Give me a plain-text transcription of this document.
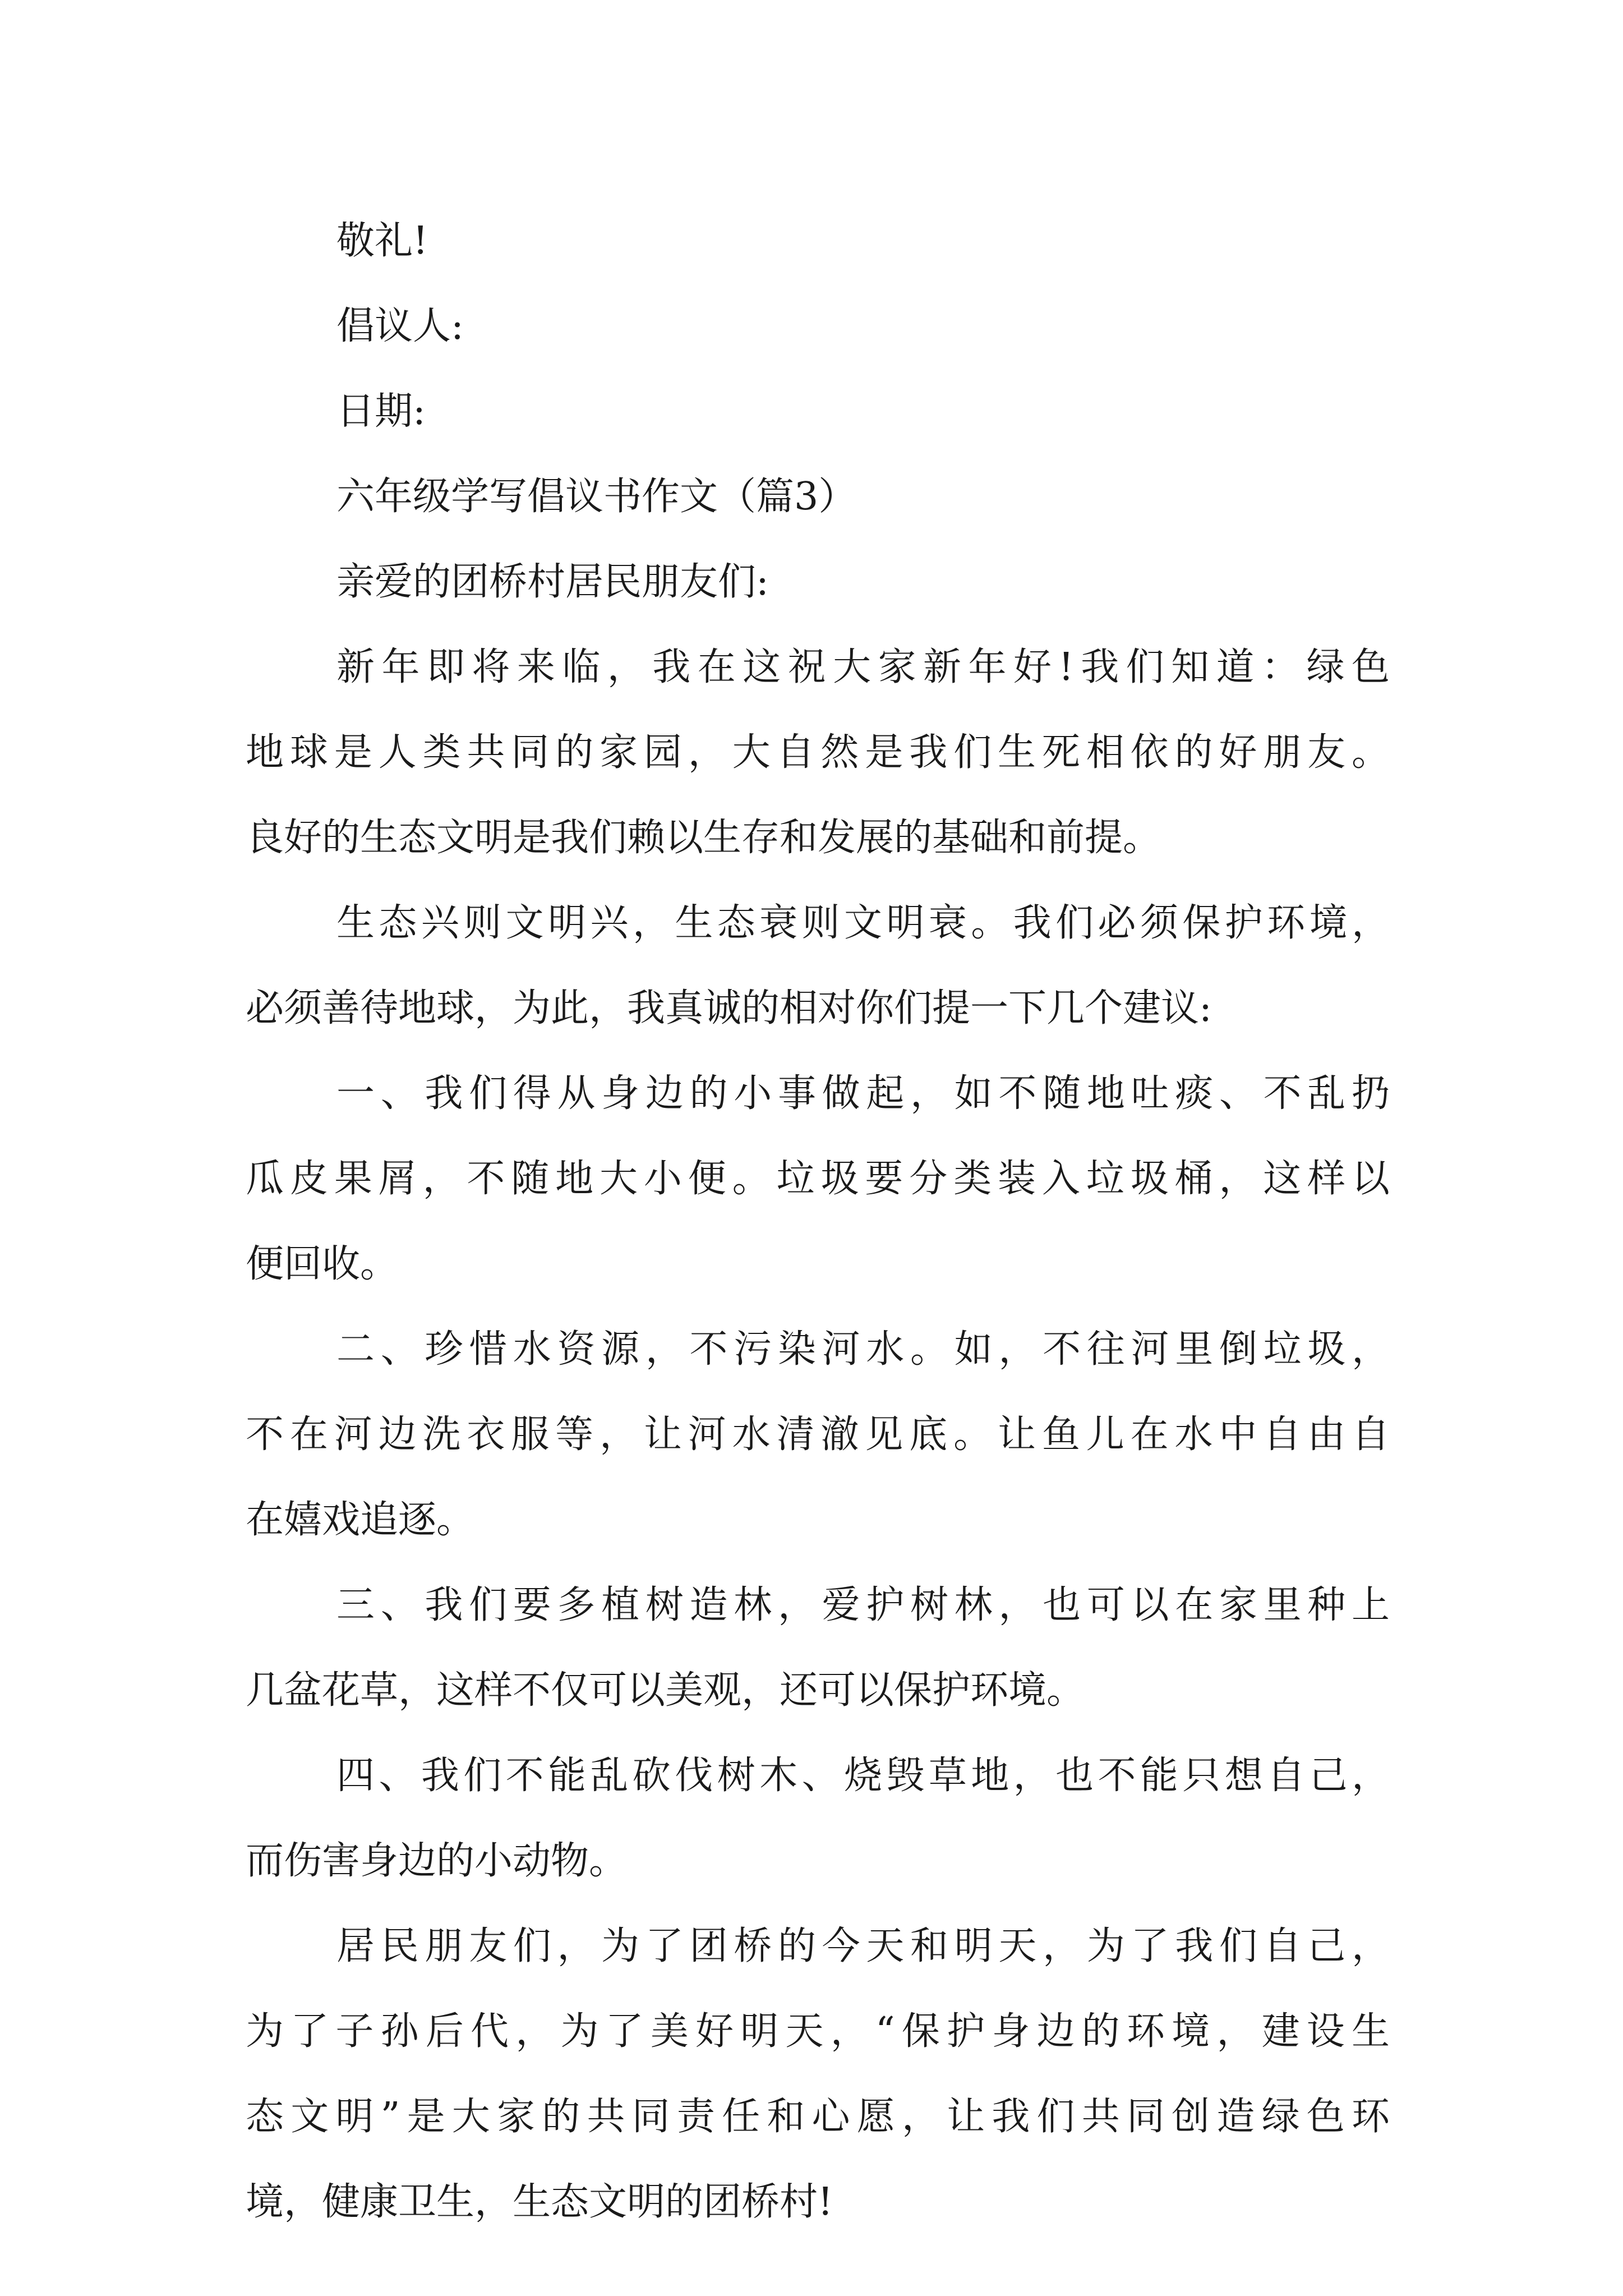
敬礼!
倡议人:
日期:
六年级学写倡议书作文（篇3）
亲爱的团桥村居民朋友们:
新年即将来临，我在这祝大家新年好!我们知道：绿色
地球是人类共同的家园，大自然是我们生死相依的好朋友。
良好的生态文明是我们赖以生存和发展的基础和前提。
生态兴则文明兴，生态衰则文明衰。我们必须保护环境，
必须善待地球，为此，我真诚的相对你们提一下几个建议:
一、我们得从身边的小事做起，如不随地吐痰、不乱扔
瓜皮果屑，不随地大小便。垃圾要分类装入垃圾桶，这样以
便回收。
二、珍惜水资源，不污染河水。如，不往河里倒垃圾，
不在河边洗衣服等，让河水清澈见底。让鱼儿在水中自由自
在嬉戏追逐。
三、我们要多植树造林，爱护树林，也可以在家里种上
几盆花草，这样不仅可以美观，还可以保护环境。
四、我们不能乱砍伐树木、烧毁草地，也不能只想自己，
而伤害身边的小动物。
居民朋友们，为了团桥的今天和明天，为了我们自己，
为了子孙后代，为了美好明天，“保护身边的环境，建设生
态文明”是大家的共同责任和心愿，让我们共同创造绿色环
境，健康卫生，生态文明的团桥村!
